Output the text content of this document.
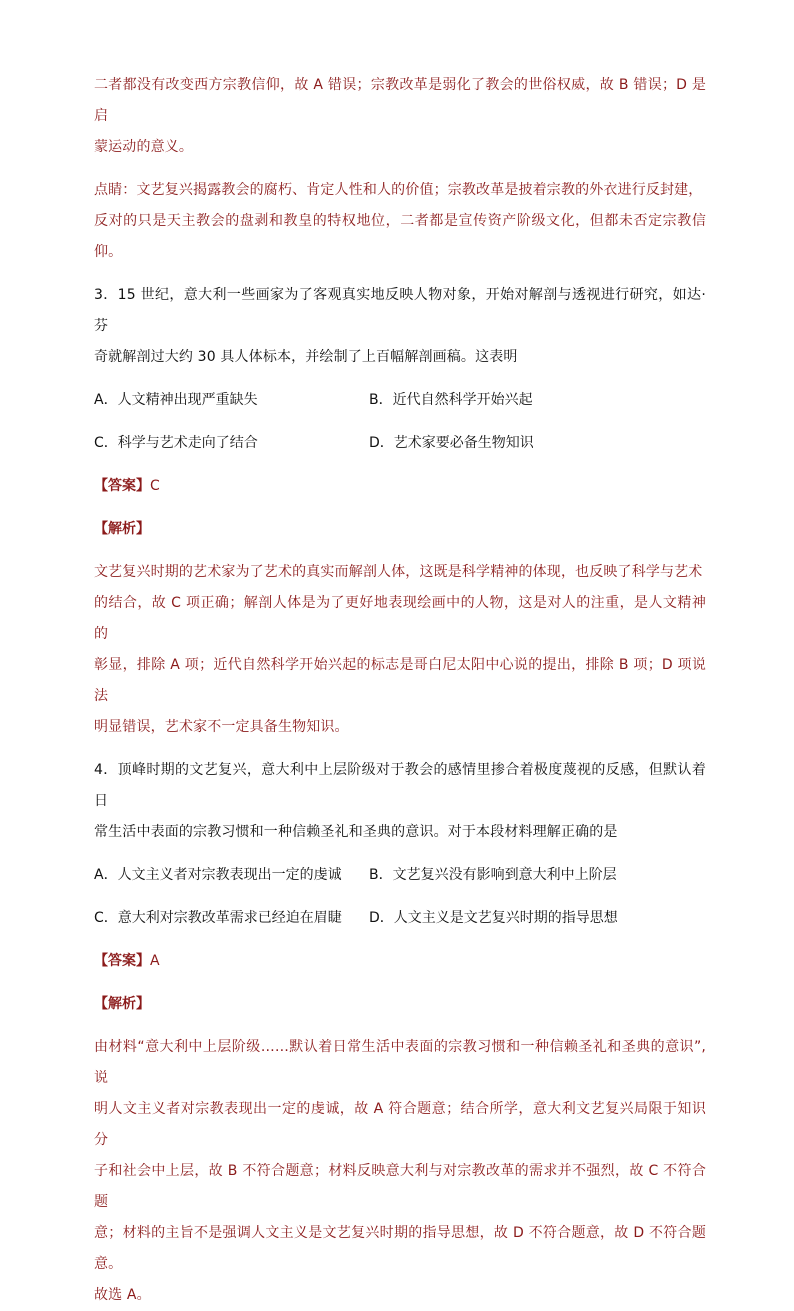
二者都没有改变西方宗教信仰，故 A 错误；宗教改革是弱化了教会的世俗权威，故 B 错误；D 是启

蒙运动的意义。

点睛：文艺复兴揭露教会的腐朽、肯定人性和人的价值；宗教改革是披着宗教的外衣进行反封建，

反对的只是天主教会的盘剥和教皇的特权地位，二者都是宣传资产阶级文化，但都未否定宗教信仰。

3．15 世纪，意大利一些画家为了客观真实地反映人物对象，开始对解剖与透视进行研究，如达·芬

奇就解剖过大约 30 具人体标本，并绘制了上百幅解剖画稿。这表明

A．人文精神出现严重缺失	B．近代自然科学开始兴起
C．科学与艺术走向了结合	D．艺术家要必备生物知识
【答案】C
【解析】

文艺复兴时期的艺术家为了艺术的真实而解剖人体，这既是科学精神的体现，也反映了科学与艺术

的结合，故 C 项正确；解剖人体是为了更好地表现绘画中的人物，这是对人的注重，是人文精神的

彰显，排除 A 项；近代自然科学开始兴起的标志是哥白尼太阳中心说的提出，排除 B 项；D 项说法

明显错误，艺术家不一定具备生物知识。

4．顶峰时期的文艺复兴，意大利中上层阶级对于教会的感情里掺合着极度蔑视的反感，但默认着日

常生活中表面的宗教习惯和一种信赖圣礼和圣典的意识。对于本段材料理解正确的是

A．人文主义者对宗教表现出一定的虔诚	B．文艺复兴没有影响到意大利中上阶层
C．意大利对宗教改革需求已经迫在眉睫	D．人文主义是文艺复兴时期的指导思想
【答案】A
【解析】

由材料“意大利中上层阶级……默认着日常生活中表面的宗教习惯和一种信赖圣礼和圣典的意识”,说

明人文主义者对宗教表现出一定的虔诚，故 A 符合题意；结合所学，意大利文艺复兴局限于知识分

子和社会中上层，故 B 不符合题意；材料反映意大利与对宗教改革的需求并不强烈，故 C 不符合题

意；材料的主旨不是强调人文主义是文艺复兴时期的指导思想，故 D 不符合题意，故 D 不符合题意。

故选 A。
